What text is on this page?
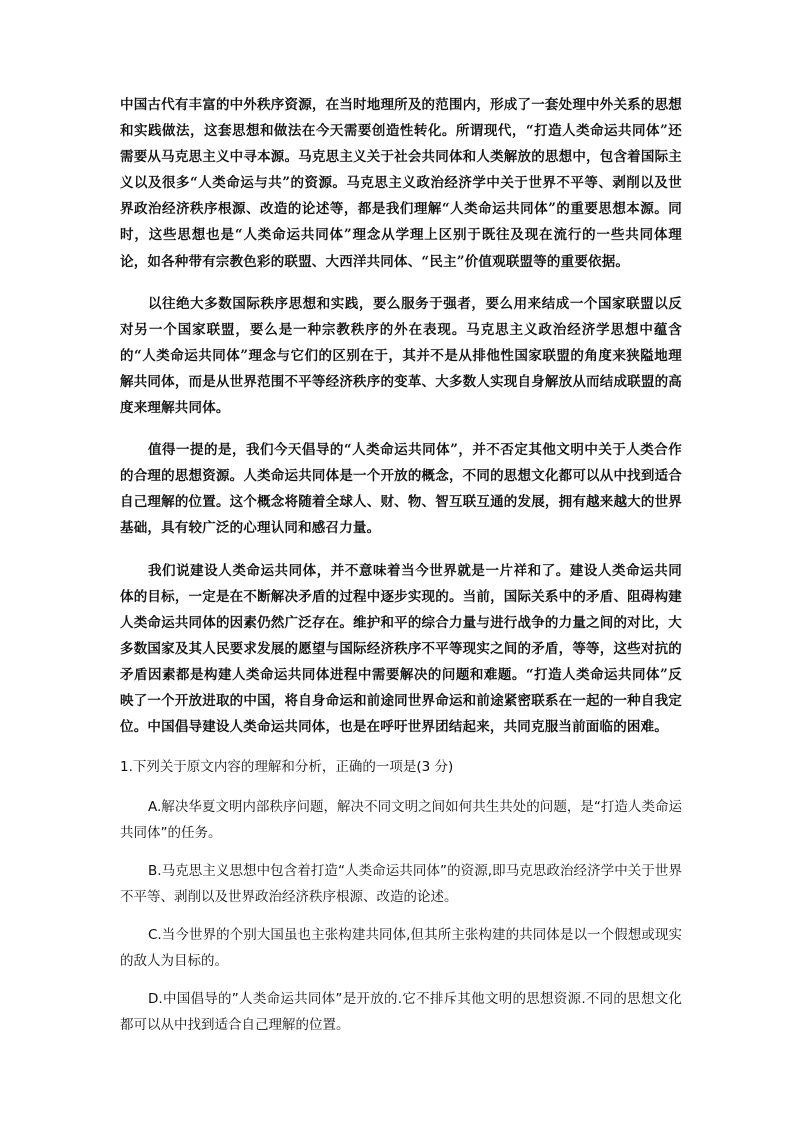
中国古代有丰富的中外秩序资源，在当时地理所及的范围内，形成了一套处理中外关系的思想和实践做法，这套思想和做法在今天需要创造性转化。所谓现代，“打造人类命运共同体”还需要从马克思主义中寻本源。马克思主义关于社会共同体和人类解放的思想中，包含着国际主义以及很多“人类命运与共”的资源。马克思主义政治经济学中关于世界不平等、剥削以及世界政治经济秩序根源、改造的论述等，都是我们理解“人类命运共同体”的重要思想本源。同时，这些思想也是“人类命运共同体”理念从学理上区别于既往及现在流行的一些共同体理论，如各种带有宗教色彩的联盟、大西洋共同体、“民主”价值观联盟等的重要依据。

以往绝大多数国际秩序思想和实践，要么服务于强者，要么用来结成一个国家联盟以反对另一个国家联盟，要么是一种宗教秩序的外在表现。马克思主义政治经济学思想中蕴含的“人类命运共同体”理念与它们的区别在于，其并不是从排他性国家联盟的角度来狭隘地理解共同体，而是从世界范围不平等经济秩序的变革、大多数人实现自身解放从而结成联盟的高度来理解共同体。

值得一提的是，我们今天倡导的“人类命运共同体”，并不否定其他文明中关于人类合作的合理的思想资源。人类命运共同体是一个开放的概念，不同的思想文化都可以从中找到适合自己理解的位置。这个概念将随着全球人、财、物、智互联互通的发展，拥有越来越大的世界基础，具有较广泛的心理认同和感召力量。

我们说建设人类命运共同体，并不意味着当今世界就是一片祥和了。建设人类命运共同体的目标，一定是在不断解决矛盾的过程中逐步实现的。当前，国际关系中的矛盾、阻碍构建人类命运共同体的因素仍然广泛存在。维护和平的综合力量与进行战争的力量之间的对比，大多数国家及其人民要求发展的愿望与国际经济秩序不平等现实之间的矛盾，等等，这些对抗的矛盾因素都是构建人类命运共同体进程中需要解决的问题和难题。“打造人类命运共同体”反映了一个开放进取的中国，将自身命运和前途同世界命运和前途紧密联系在一起的一种自我定位。中国倡导建设人类命运共同体，也是在呼吁世界团结起来，共同克服当前面临的困难。

1.下列关于原文内容的理解和分析，正确的一项是(3 分)

A.解决华夏文明内部秩序问题，解决不同文明之间如何共生共处的问题，是“打造人类命运共同体”的任务。

B.马克思主义思想中包含着打造“人类命运共同体”的资源,即马克思政治经济学中关于世界不平等、剥削以及世界政治经济秩序根源、改造的论述。

C.当今世界的个别大国虽也主张构建共同体,但其所主张构建的共同体是以一个假想或现实的敌人为目标的。

D.中国倡导的”人类命运共同体”是开放的.它不排斥其他文明的思想资源.不同的思想文化都可以从中找到适合自己理解的位置。
